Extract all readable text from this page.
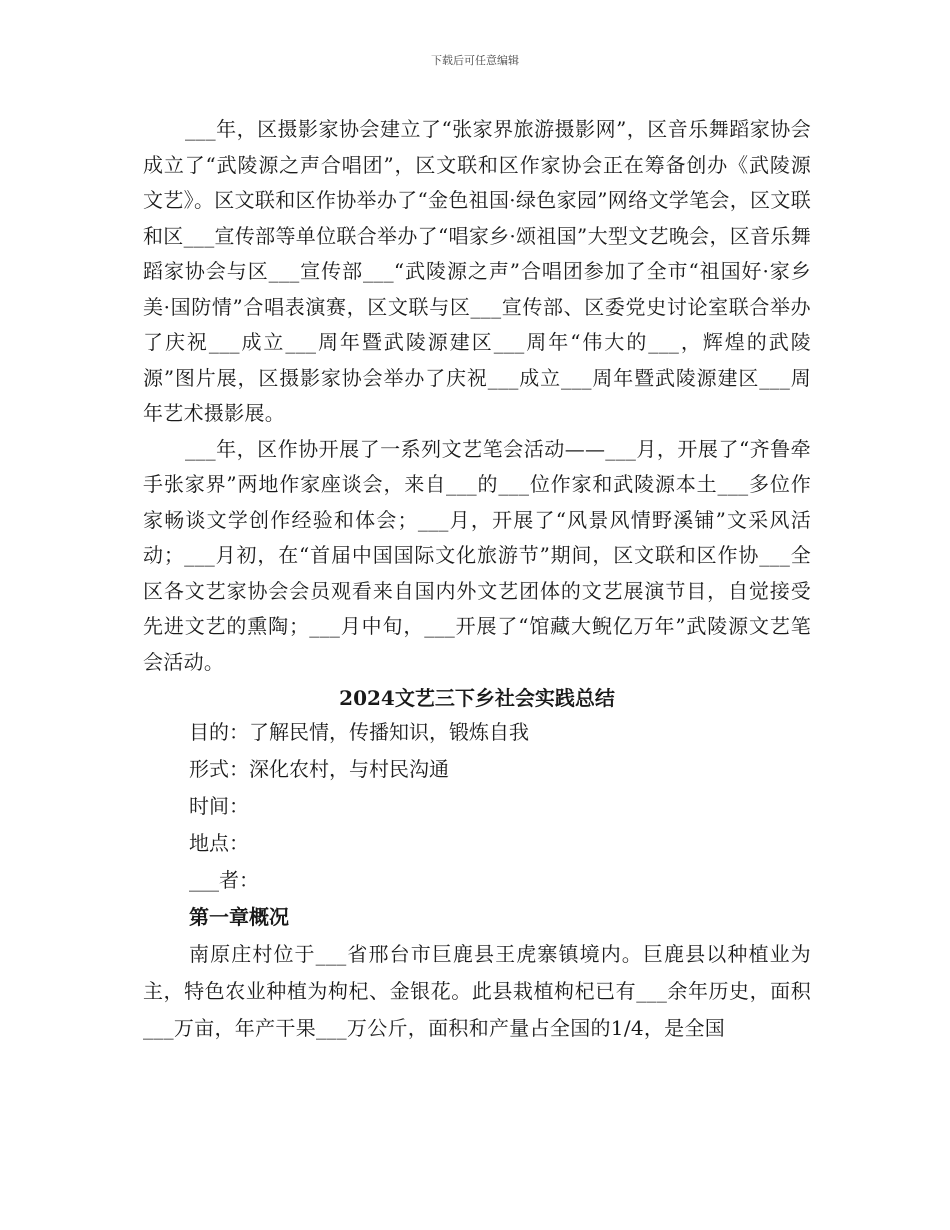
下载后可任意编辑

___年，区摄影家协会建立了“张家界旅游摄影网”，区音乐舞蹈家协会成立了“武陵源之声合唱团”，区文联和区作家协会正在筹备创办《武陵源文艺》。区文联和区作协举办了“金色祖国·绿色家园”网络文学笔会，区文联和区___宣传部等单位联合举办了“唱家乡·颂祖国”大型文艺晚会，区音乐舞蹈家协会与区___宣传部___“武陵源之声”合唱团参加了全市“祖国好·家乡美·国防情”合唱表演赛，区文联与区___宣传部、区委党史讨论室联合举办了庆祝___成立___周年暨武陵源建区___周年“伟大的___，辉煌的武陵源”图片展，区摄影家协会举办了庆祝___成立___周年暨武陵源建区___周年艺术摄影展。

___年，区作协开展了一系列文艺笔会活动——___月，开展了“齐鲁牵手张家界”两地作家座谈会，来自___的___位作家和武陵源本土___多位作家畅谈文学创作经验和体会；___月，开展了“风景风情野溪铺”文采风活动；___月初，在“首届中国国际文化旅游节”期间，区文联和区作协___全区各文艺家协会会员观看来自国内外文艺团体的文艺展演节目，自觉接受先进文艺的熏陶；___月中旬，___开展了“馆藏大鲵亿万年”武陵源文艺笔会活动。

2024文艺三下乡社会实践总结

目的：了解民情，传播知识，锻炼自我

形式：深化农村，与村民沟通

时间：

地点：

___者：

第一章概况

南原庄村位于___省邢台市巨鹿县王虎寨镇境内。巨鹿县以种植业为主，特色农业种植为枸杞、金银花。此县栽植枸杞已有___余年历史，面积___万亩，年产干果___万公斤，面积和产量占全国的1/4，是全国
